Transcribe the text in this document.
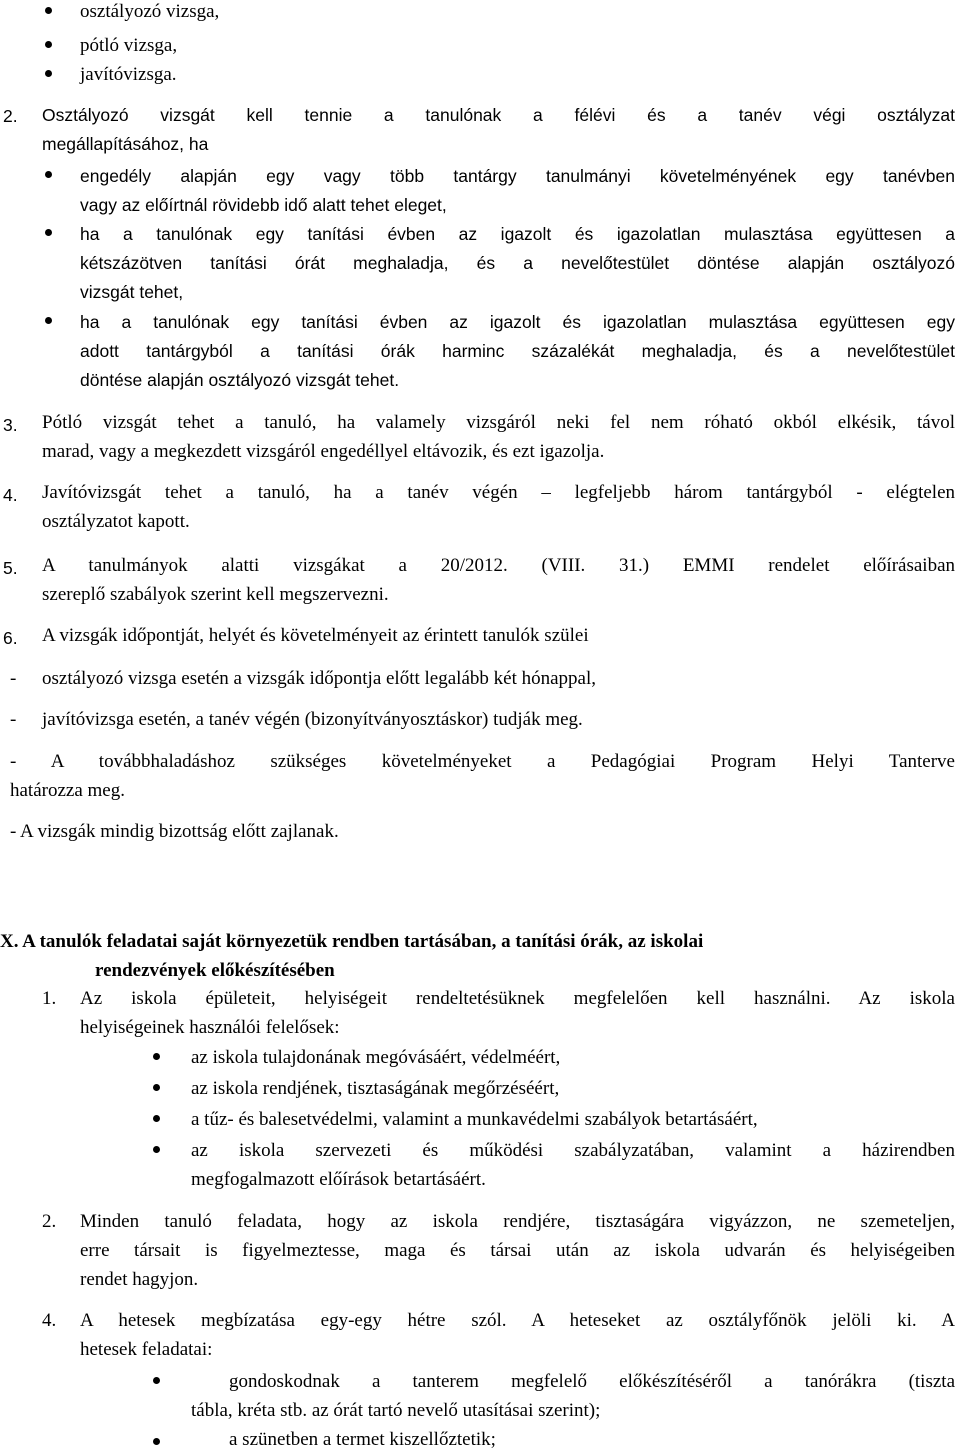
osztályozó vizsga,
pótló vizsga,
javítóvizsga.
2. Osztályozó vizsgát kell tennie a tanulónak a félévi és a tanév végi osztályzat
megállapításához, ha
engedély alapján egy vagy több tantárgy tanulmányi követelményének egy tanévben
vagy az előírtnál rövidebb idő alatt tehet eleget,
ha a tanulónak egy tanítási évben az igazolt és igazolatlan mulasztása együttesen a
kétszázötven tanítási órát meghaladja, és a nevelőtestület döntése alapján osztályozó
vizsgát tehet,
ha a tanulónak egy tanítási évben az igazolt és igazolatlan mulasztása együttesen egy
adott tantárgyból a tanítási órák harminc százalékát meghaladja, és a nevelőtestület
döntése alapján osztályozó vizsgát tehet.
3. Pótló vizsgát tehet a tanuló, ha valamely vizsgáról neki fel nem róható okból elkésik, távol
marad, vagy a megkezdett vizsgáról engedéllyel eltávozik, és ezt igazolja.
4. Javítóvizsgát tehet a tanuló, ha a tanév végén – legfeljebb három tantárgyból - elégtelen
osztályzatot kapott.
5. A tanulmányok alatti vizsgákat a 20/2012. (VIII. 31.) EMMI rendelet előírásaiban
szereplő szabályok szerint kell megszervezni.
6. A vizsgák időpontját, helyét és követelményeit az érintett tanulók szülei
- osztályozó vizsga esetén a vizsgák időpontja előtt legalább két hónappal,
- javítóvizsga esetén, a tanév végén (bizonyítványosztáskor) tudják meg.
- A továbbhaladáshoz szükséges követelményeket a Pedagógiai Program Helyi Tanterve
határozza meg.
- A vizsgák mindig bizottság előtt zajlanak.
X. A tanulók feladatai saját környezetük rendben tartásában, a tanítási órák, az iskolai
rendezvények előkészítésében
1. Az iskola épületeit, helyiségeit rendeltetésüknek megfelelően kell használni. Az iskola
helyiségeinek használói felelősek:
az iskola tulajdonának megóvásáért, védelméért,
az iskola rendjének, tisztaságának megőrzéséért,
a tűz- és balesetvédelmi, valamint a munkavédelmi szabályok betartásáért,
az iskola szervezeti és működési szabályzatában, valamint a házirendben
megfogalmazott előírások betartásáért.
2. Minden tanuló feladata, hogy az iskola rendjére, tisztaságára vigyázzon, ne szemeteljen,
erre társait is figyelmeztesse, maga és társai után az iskola udvarán és helyiségeiben
rendet hagyjon.
4. A hetesek megbízatása egy-egy hétre szól. A heteseket az osztályfőnök jelöli ki. A
hetesek feladatai:
gondoskodnak a tanterem megfelelő előkészítéséről a tanórákra (tiszta
tábla, kréta stb. az órát tartó nevelő utasításai szerint);
a szünetben a termet kiszellőztetik;
